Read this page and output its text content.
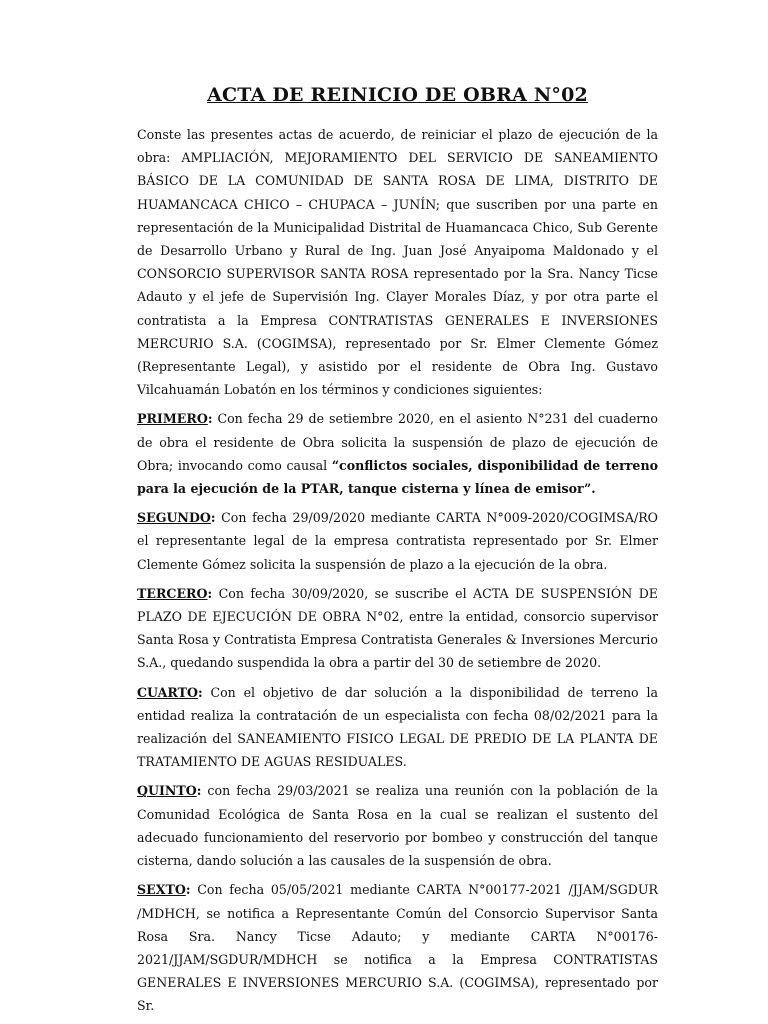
ACTA DE REINICIO DE OBRA N°02

Conste las presentes actas de acuerdo, de reiniciar el plazo de ejecución de la obra: AMPLIACIÓN, MEJORAMIENTO DEL SERVICIO DE SANEAMIENTO BÁSICO DE LA COMUNIDAD DE SANTA ROSA DE LIMA, DISTRITO DE HUAMANCACA CHICO – CHUPACA – JUNÍN; que suscriben por una parte en representación de la Municipalidad Distrital de Huamancaca Chico, Sub Gerente de Desarrollo Urbano y Rural de Ing. Juan José Anyaipoma Maldonado y el CONSORCIO SUPERVISOR SANTA ROSA representado por la Sra. Nancy Ticse Adauto y el jefe de Supervisión Ing. Clayer Morales Díaz, y por otra parte el contratista a la Empresa CONTRATISTAS GENERALES E INVERSIONES MERCURIO S.A. (COGIMSA), representado por Sr. Elmer Clemente Gómez (Representante Legal), y asistido por el residente de Obra Ing. Gustavo Vilcahuamán Lobatón en los términos y condiciones siguientes:

PRIMERO: Con fecha 29 de setiembre 2020, en el asiento N°231 del cuaderno de obra el residente de Obra solicita la suspensión de plazo de ejecución de Obra; invocando como causal “conflictos sociales, disponibilidad de terreno para la ejecución de la PTAR, tanque cisterna y línea de emisor”.

SEGUNDO: Con fecha 29/09/2020 mediante CARTA N°009-2020/COGIMSA/RO el representante legal de la empresa contratista representado por Sr. Elmer Clemente Gómez solicita la suspensión de plazo a la ejecución de la obra.

TERCERO: Con fecha 30/09/2020, se suscribe el ACTA DE SUSPENSIÓN DE PLAZO DE EJECUCIÓN DE OBRA N°02, entre la entidad, consorcio supervisor Santa Rosa y Contratista Empresa Contratista Generales & Inversiones Mercurio S.A., quedando suspendida la obra a partir del 30 de setiembre de 2020.

CUARTO: Con el objetivo de dar solución a la disponibilidad de terreno la entidad realiza la contratación de un especialista con fecha 08/02/2021 para la realización del SANEAMIENTO FISICO LEGAL DE PREDIO DE LA PLANTA DE TRATAMIENTO DE AGUAS RESIDUALES.

QUINTO: con fecha 29/03/2021 se realiza una reunión con la población de la Comunidad Ecológica de Santa Rosa en la cual se realizan el sustento del adecuado funcionamiento del reservorio por bombeo y construcción del tanque cisterna, dando solución a las causales de la suspensión de obra.

SEXTO: Con fecha 05/05/2021 mediante CARTA N°00177-2021 /JJAM/SGDUR /MDHCH, se notifica a Representante Común del Consorcio Supervisor Santa Rosa Sra. Nancy Ticse Adauto; y mediante CARTA N°00176-2021/JJAM/SGDUR/MDHCH se notifica a la Empresa CONTRATISTAS GENERALES E INVERSIONES MERCURIO S.A. (COGIMSA), representado por Sr.
